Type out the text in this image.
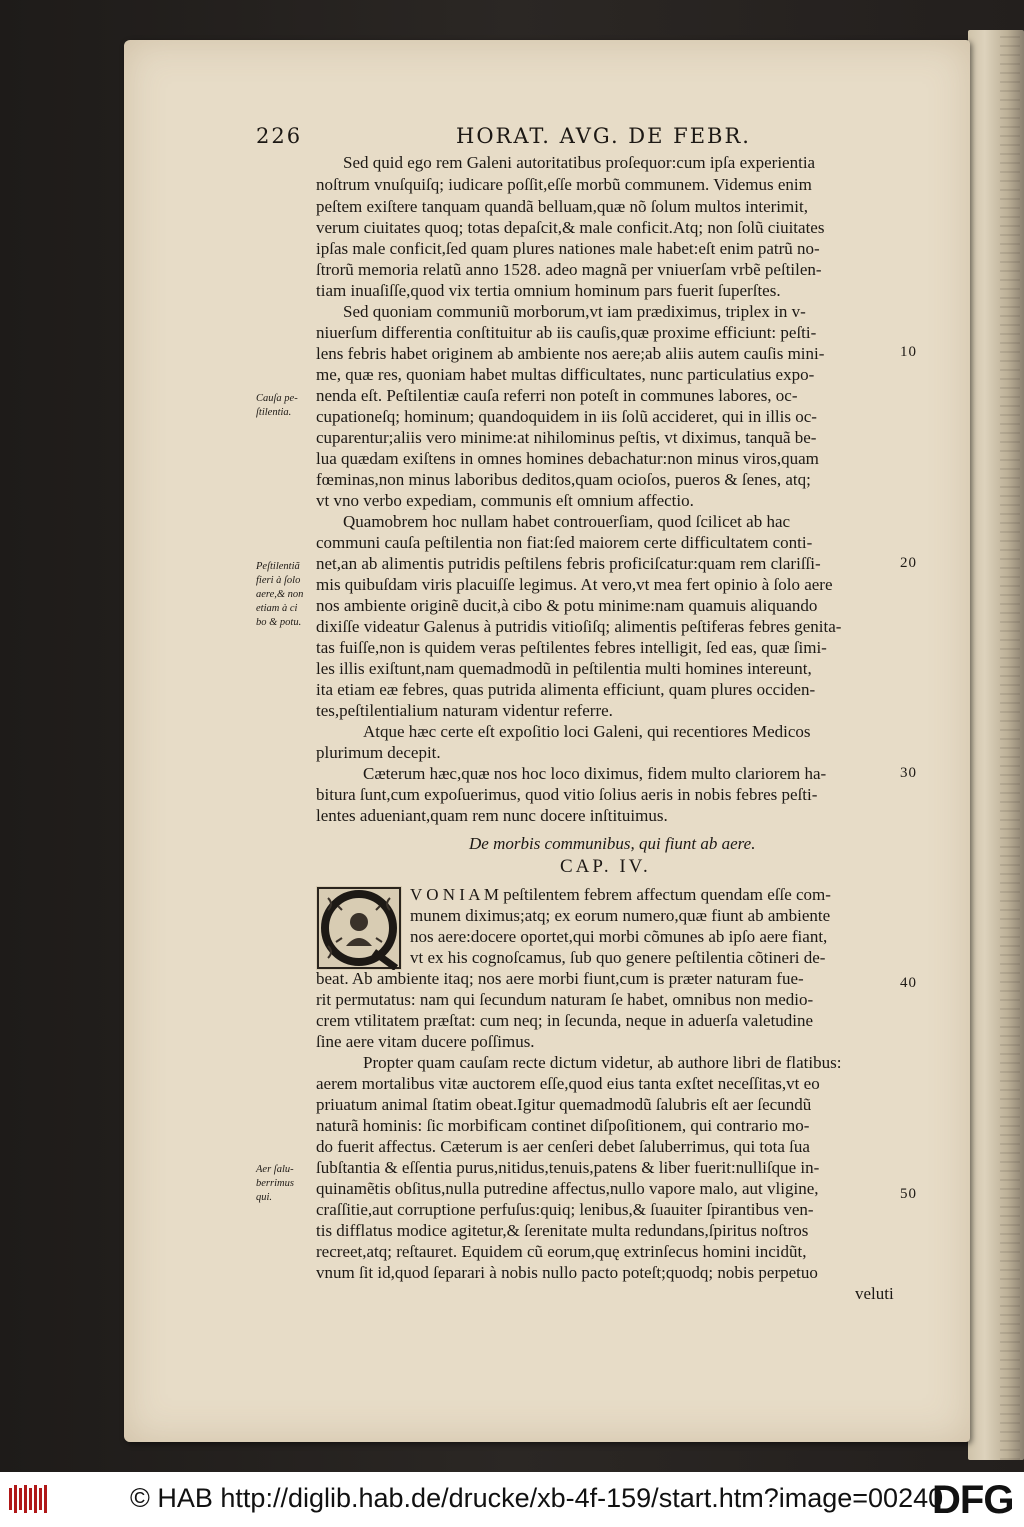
226	HORAT. AVG. DE FEBR.
Sed quid ego rem Galeni autoritatibus proſequor:cum ipſa experientia
noſtrum vnuſquiſq; iudicare poſſit,eſſe morbũ communem. Videmus enim
peſtem exiſtere tanquam quandã belluam,quæ nõ ſolum multos interimit,
verum ciuitates quoq; totas depaſcit,& male conficit.Atq; non ſolũ ciuitates
ipſas male conficit,ſed quam plures nationes male habet:eſt enim patrũ no-
ſtrorũ memoria relatũ anno 1528. adeo magnã per vniuerſam vrbẽ peſtilen-
tiam inuaſiſſe,quod vix tertia omnium hominum pars fuerit ſuperſtes.
Sed quoniam communiũ morborum,vt iam prædiximus, triplex in v-
niuerſum differentia conſtituitur ab iis cauſis,quæ proxime efficiunt: peſti-
lens febris habet originem ab ambiente nos aere;ab aliis autem cauſis mini-
me, quæ res, quoniam habet multas difficultates, nunc particulatius expo-
nenda eſt. Peſtilentiæ cauſa referri non poteſt in communes labores, oc-
cupationeſq; hominum; quandoquidem in iis ſolũ accideret, qui in illis oc-
cuparentur;aliis vero minime:at nihilominus peſtis, vt diximus, tanquã be-
lua quædam exiſtens in omnes homines debachatur:non minus viros,quam
fœminas,non minus laboribus deditos,quam ocioſos, pueros & ſenes, atq;
vt vno verbo expediam, communis eſt omnium affectio.
Quamobrem hoc nullam habet controuerſiam, quod ſcilicet ab hac
communi cauſa peſtilentia non fiat:ſed maiorem certe difficultatem conti-
net,an ab alimentis putridis peſtilens febris proficiſcatur:quam rem clariſſi-
mis quibuſdam viris placuiſſe legimus. At vero,vt mea fert opinio à ſolo aere
nos ambiente originẽ ducit,à cibo & potu minime:nam quamuis aliquando
dixiſſe videatur Galenus à putridis vitioſiſq; alimentis peſtiferas febres genita-
tas fuiſſe,non is quidem veras peſtilentes febres intelligit, ſed eas, quæ ſimi-
les illis exiſtunt,nam quemadmodũ in peſtilentia multi homines intereunt,
ita etiam eæ febres, quas putrida alimenta efficiunt, quam plures occiden-
tes,peſtilentialium naturam videntur referre.
Atque hæc certe eſt expoſitio loci Galeni, qui recentiores Medicos
plurimum decepit.
Cæterum hæc,quæ nos hoc loco diximus, fidem multo clariorem ha-
bitura ſunt,cum expoſuerimus, quod vitio ſolius aeris in nobis febres peſti-
lentes adueniant,quam rem nunc docere inſtituimus.
De morbis communibus, qui fiunt ab aere.
CAP. IV.
V O N I A M peſtilentem febrem affectum quendam eſſe com-
munem diximus;atq; ex eorum numero,quæ fiunt ab ambiente
nos aere:docere oportet,qui morbi cõmunes ab ipſo aere fiant,
vt ex his cognoſcamus, ſub quo genere peſtilentia cõtineri de-
beat. Ab ambiente itaq; nos aere morbi fiunt,cum is præter naturam fue-
rit permutatus: nam qui ſecundum naturam ſe habet, omnibus non medio-
crem vtilitatem præſtat: cum neq; in ſecunda, neque in aduerſa valetudine
ſine aere vitam ducere poſſimus.
Propter quam cauſam recte dictum videtur, ab authore libri de flatibus:
aerem mortalibus vitæ auctorem eſſe,quod eius tanta exſtet neceſſitas,vt eo
priuatum animal ſtatim obeat.Igitur quemadmodũ ſalubris eſt aer ſecundũ
naturã hominis: ſic morbificam continet diſpoſitionem, qui contrario mo-
do fuerit affectus. Cæterum is aer cenſeri debet ſaluberrimus, qui tota ſua
ſubſtantia & eſſentia purus,nitidus,tenuis,patens & liber fuerit:nulliſque in-
quinamẽtis obſitus,nulla putredine affectus,nullo vapore malo, aut vligine,
craſſitie,aut corruptione perfuſus:quiq; lenibus,& ſuauiter ſpirantibus ven-
tis difflatus modice agitetur,& ſerenitate multa redundans,ſpiritus noſtros
recreet,atq; reſtauret. Equidem cũ eorum,quę extrinſecus homini incidũt,
vnum ſit id,quod ſeparari à nobis nullo pacto poteſt;quodq; nobis perpetuo
veluti
Cauſa pe-
ſtilentia.
Peſtilentiã
fieri à ſolo
aere,& non
etiam à ci
bo & potu.
Aer ſalu-
berrimus
qui.
10
20
30
40
50
© HAB http://diglib.hab.de/drucke/xb-4f-159/start.htm?image=00240
DFG
